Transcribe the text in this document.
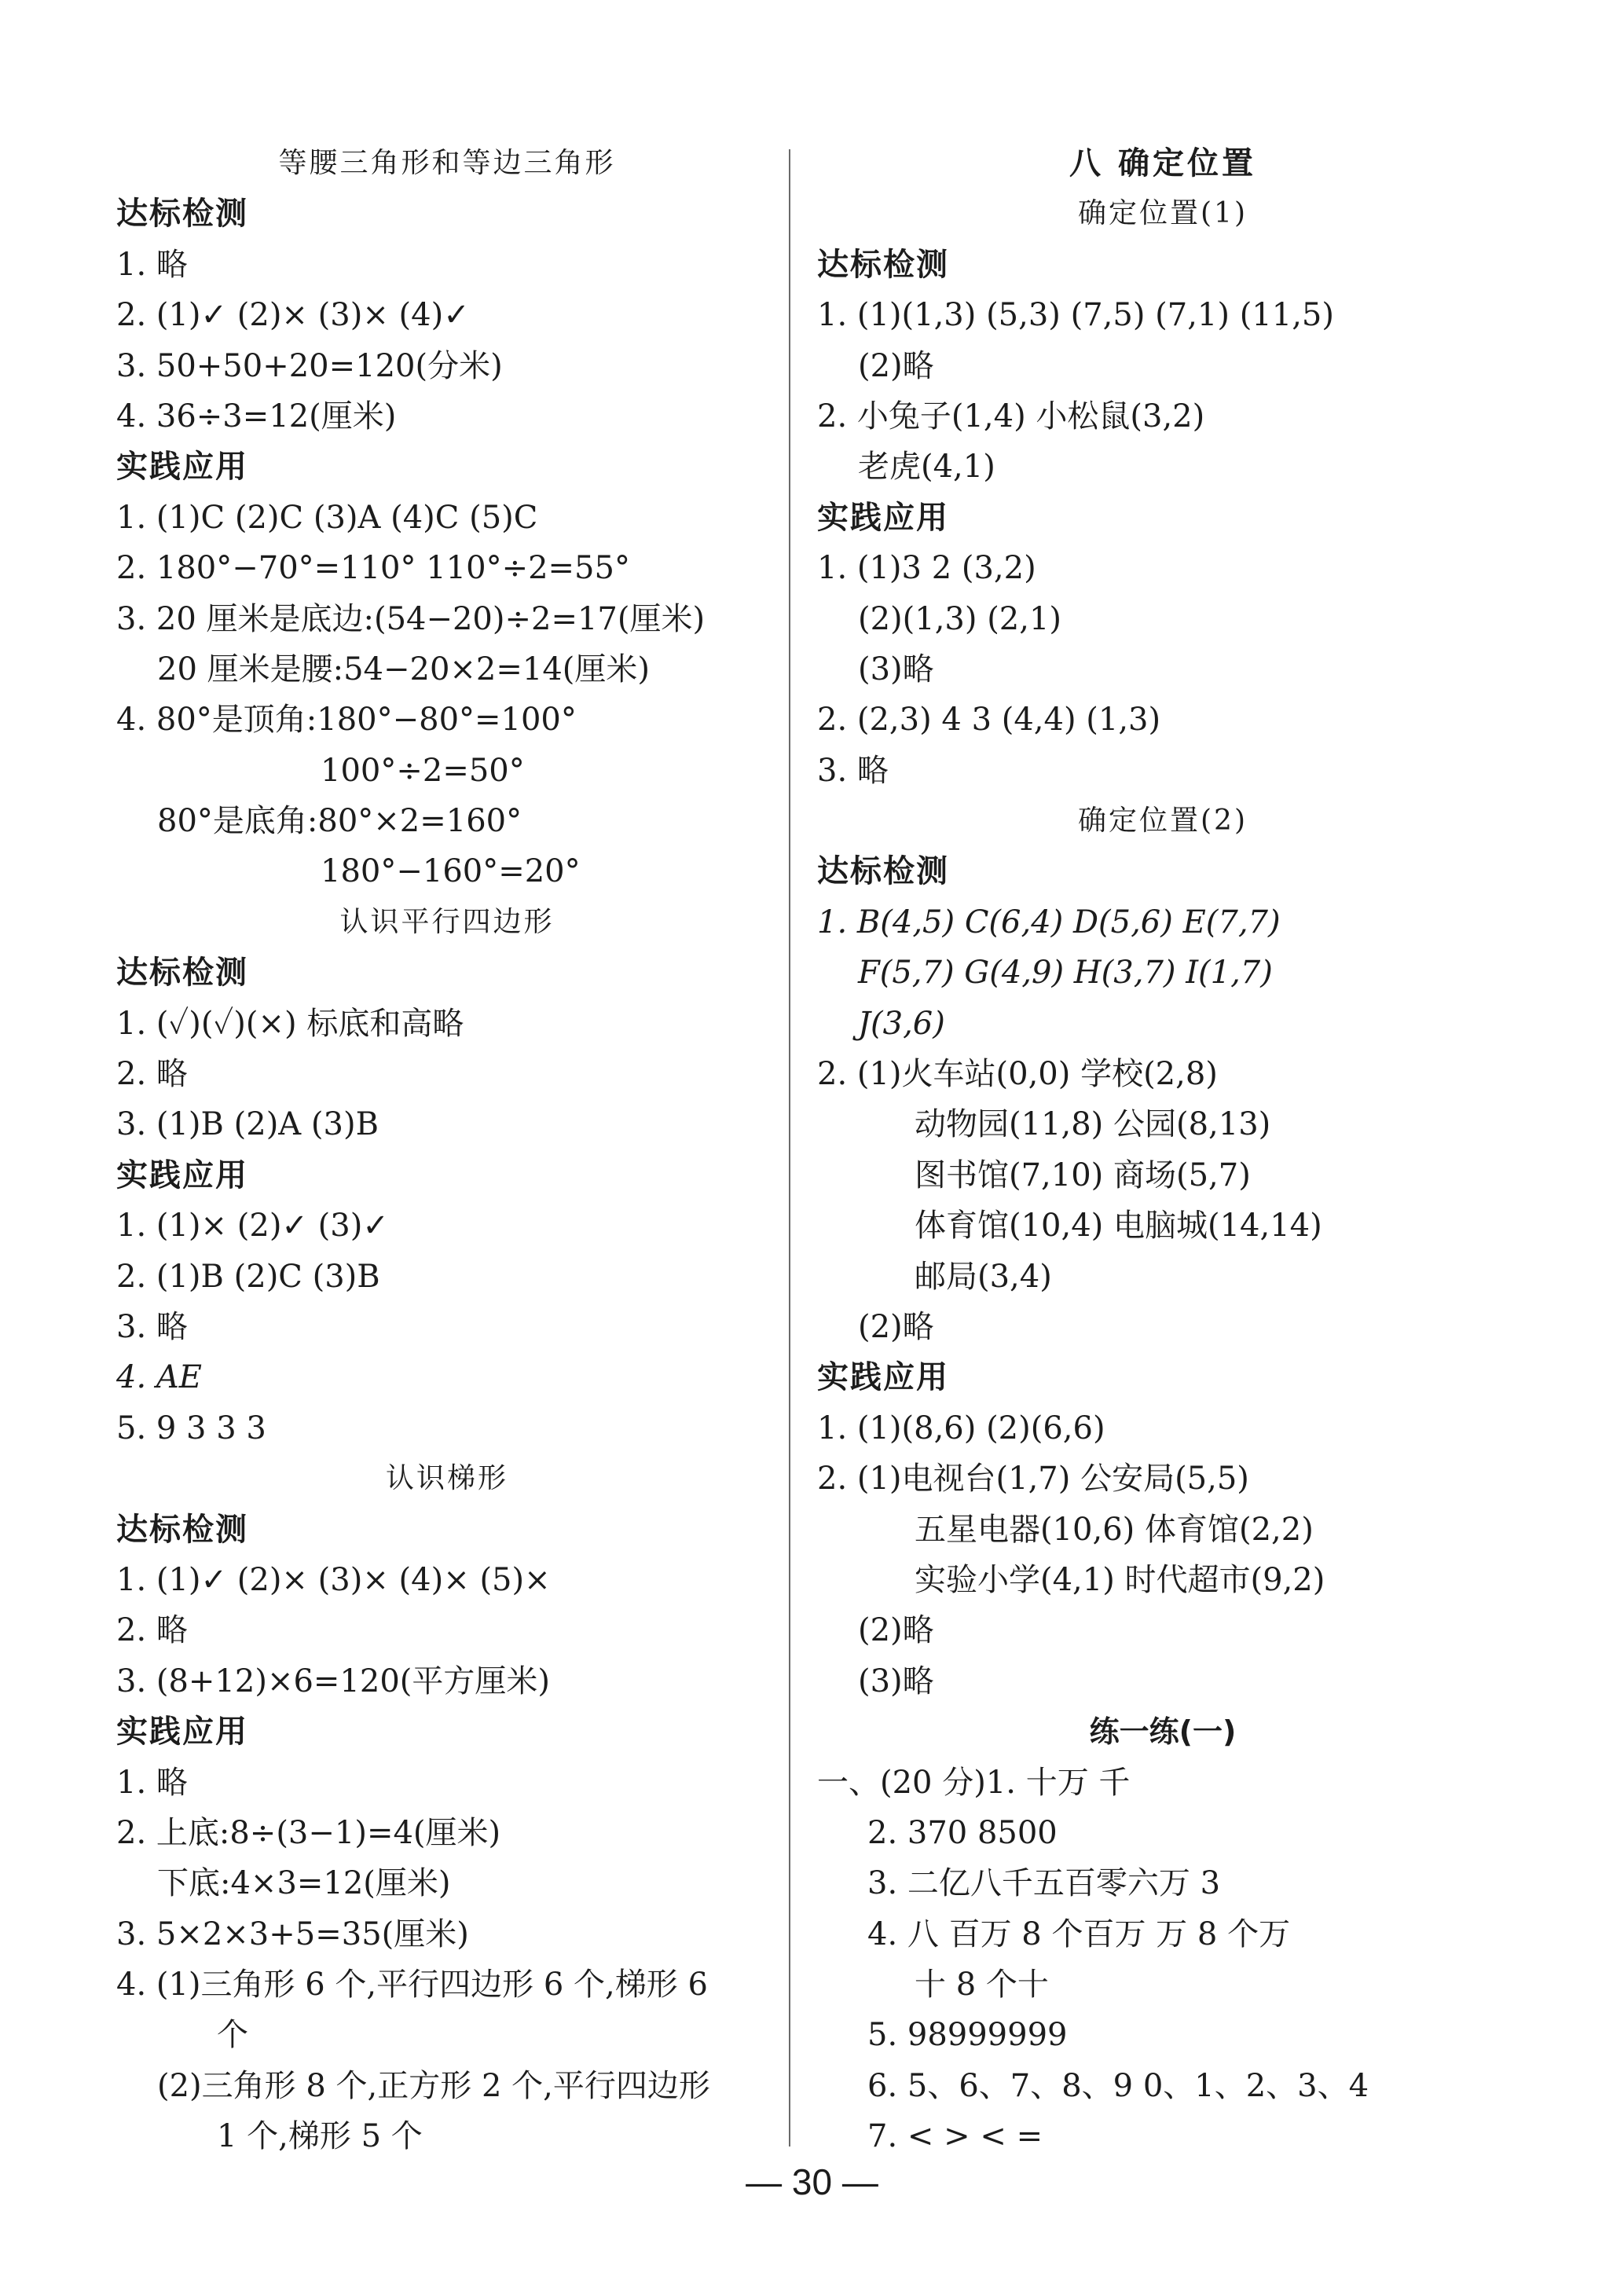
等腰三角形和等边三角形
达标检测
1. 略
2. (1)✓ (2)× (3)× (4)✓
3. 50+50+20=120(分米)
4. 36÷3=12(厘米)
实践应用
1. (1)C (2)C (3)A (4)C (5)C
2. 180°−70°=110° 110°÷2=55°
3. 20 厘米是底边:(54−20)÷2=17(厘米)
20 厘米是腰:54−20×2=14(厘米)
4. 80°是顶角:180°−80°=100°
100°÷2=50°
80°是底角:80°×2=160°
180°−160°=20°
认识平行四边形
达标检测
1. (✓)(✓)(×) 标底和高略
2. 略
3. (1)B (2)A (3)B
实践应用
1. (1)× (2)✓ (3)✓
2. (1)B (2)C (3)B
3. 略
4. AE
5. 9 3 3 3
认识梯形
达标检测
1. (1)✓ (2)× (3)× (4)× (5)×
2. 略
3. (8+12)×6=120(平方厘米)
实践应用
1. 略
2. 上底:8÷(3−1)=4(厘米)
下底:4×3=12(厘米)
3. 5×2×3+5=35(厘米)
4. (1)三角形 6 个,平行四边形 6 个,梯形 6
个
(2)三角形 8 个,正方形 2 个,平行四边形
1 个,梯形 5 个
八 确定位置
确定位置(1)
达标检测
1. (1)(1,3) (5,3) (7,5) (7,1) (11,5)
(2)略
2. 小兔子(1,4) 小松鼠(3,2)
老虎(4,1)
实践应用
1. (1)3 2 (3,2)
(2)(1,3) (2,1)
(3)略
2. (2,3) 4 3 (4,4) (1,3)
3. 略
确定位置(2)
达标检测
1. B(4,5) C(6,4) D(5,6) E(7,7)
F(5,7) G(4,9) H(3,7) I(1,7)
J(3,6)
2. (1)火车站(0,0) 学校(2,8)
动物园(11,8) 公园(8,13)
图书馆(7,10) 商场(5,7)
体育馆(10,4) 电脑城(14,14)
邮局(3,4)
(2)略
实践应用
1. (1)(8,6) (2)(6,6)
2. (1)电视台(1,7) 公安局(5,5)
五星电器(10,6) 体育馆(2,2)
实验小学(4,1) 时代超市(9,2)
(2)略
(3)略
练一练(一)
一、(20 分)1. 十万 千
2. 370 8500
3. 二亿八千五百零六万 3
4. 八 百万 8 个百万 万 8 个万
十 8 个十
5. 98999999
6. 5、6、7、8、9 0、1、2、3、4
7. < > < =
— 30 —
